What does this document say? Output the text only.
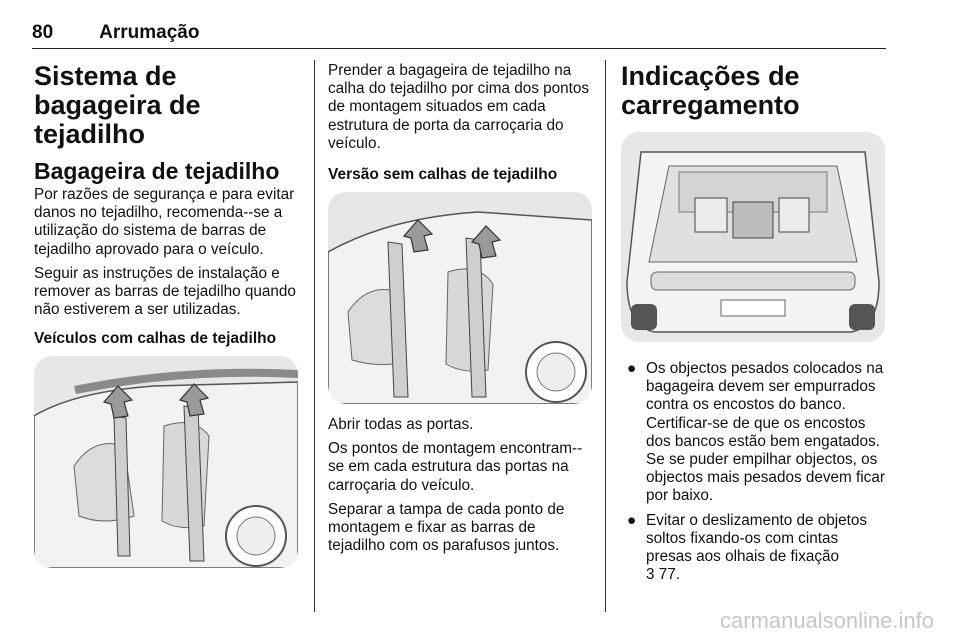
80 Arrumação
Sistema de bagageira de tejadilho
Bagageira de tejadilho

Por razões de segurança e para evitar danos no tejadilho, recomenda--se a utilização do sistema de barras de tejadilho aprovado para o veículo.

Seguir as instruções de instalação e remover as barras de tejadilho quando não estiverem a ser utilizadas.

Veículos com calhas de tejadilho

Prender a bagageira de tejadilho na calha do tejadilho por cima dos pontos de montagem situados em cada estrutura de porta da carroçaria do veículo.

Versão sem calhas de tejadilho

Abrir todas as portas.

Os pontos de montagem encontram--se em cada estrutura das portas na carroçaria do veículo.

Separar a tampa de cada ponto de montagem e fixar as barras de tejadilho com os parafusos juntos.

Indicações de carregamento
● Os objectos pesados colocados na bagageira devem ser empurrados contra os encostos do banco. Certificar-se de que os encostos dos bancos estão bem engatados. Se se puder empilhar objectos, os objectos mais pesados devem ficar por baixo.
● Evitar o deslizamento de objetos soltos fixando-os com cintas presas aos olhais de fixação
3 77.
carmanualsonline.info
